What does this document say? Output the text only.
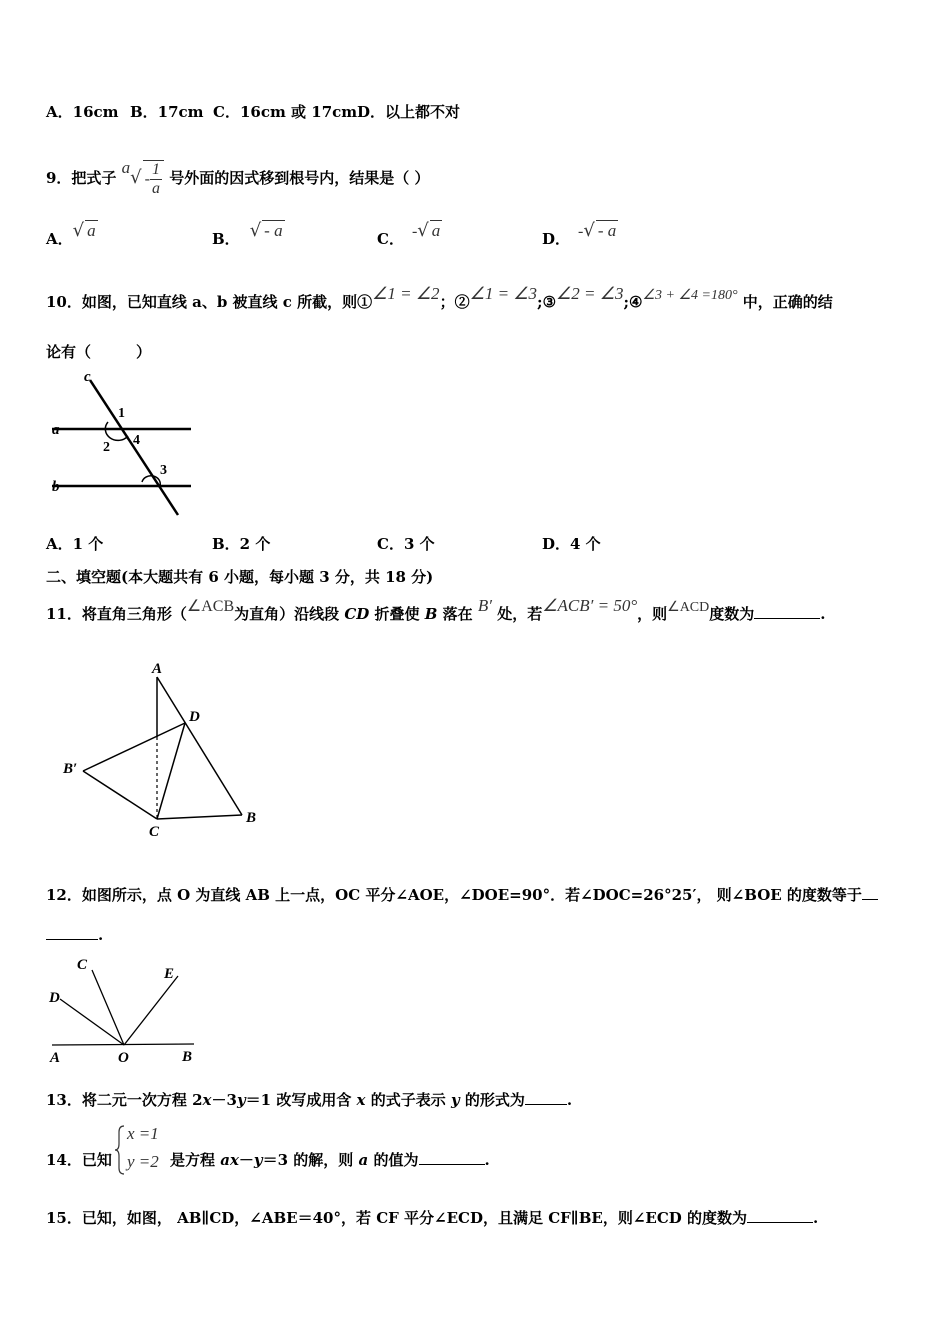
A．16cm B．17cm C．16cm 或 17cm D．以上都不对
9．把式子 $a√ - \frac{1}{a}$ 号外面的因式移到根号内，结果是（ ）
A．√ a	B． √ - a	C． -√ a	D． -√ - a
10．如图，已知直线 a、b 被直线 c 所截，则①∠1 = ∠2；②∠1 = ∠3;③∠2 = ∠3;④∠3 + ∠4 =180° 中，正确的结
论有（　　　）
c
a
b
1
2 4
3
A．1 个	B．2 个	C．3 个	D．4 个
二、填空题(本大题共有 6 小题，每小题 3 分，共 18 分)
11．将直角三角形（∠ACB为直角）沿线段 CD 折叠使 B 落在 B′ 处，若∠ACB′ = 50°，则∠ACD度数为	.
A
D
B′
C
B
12．如图所示，点 O 为直线 AB 上一点，OC 平分∠AOE，∠DOE=90°．若∠DOC=26°25′， 则∠BOE 的度数等于
.
C
E
D
A	O	B
13．将二元一次方程 2x－3y＝1 改写成用含 x 的式子表示 y 的形式为	.
14．已知
x =1
y =2 是方程 ax－y＝3 的解，则 a 的值为	.
15．已知，如图， AB∥CD，∠ABE＝40°，若 CF 平分∠ECD，且满足 CF∥BE，则∠ECD 的度数为	.
